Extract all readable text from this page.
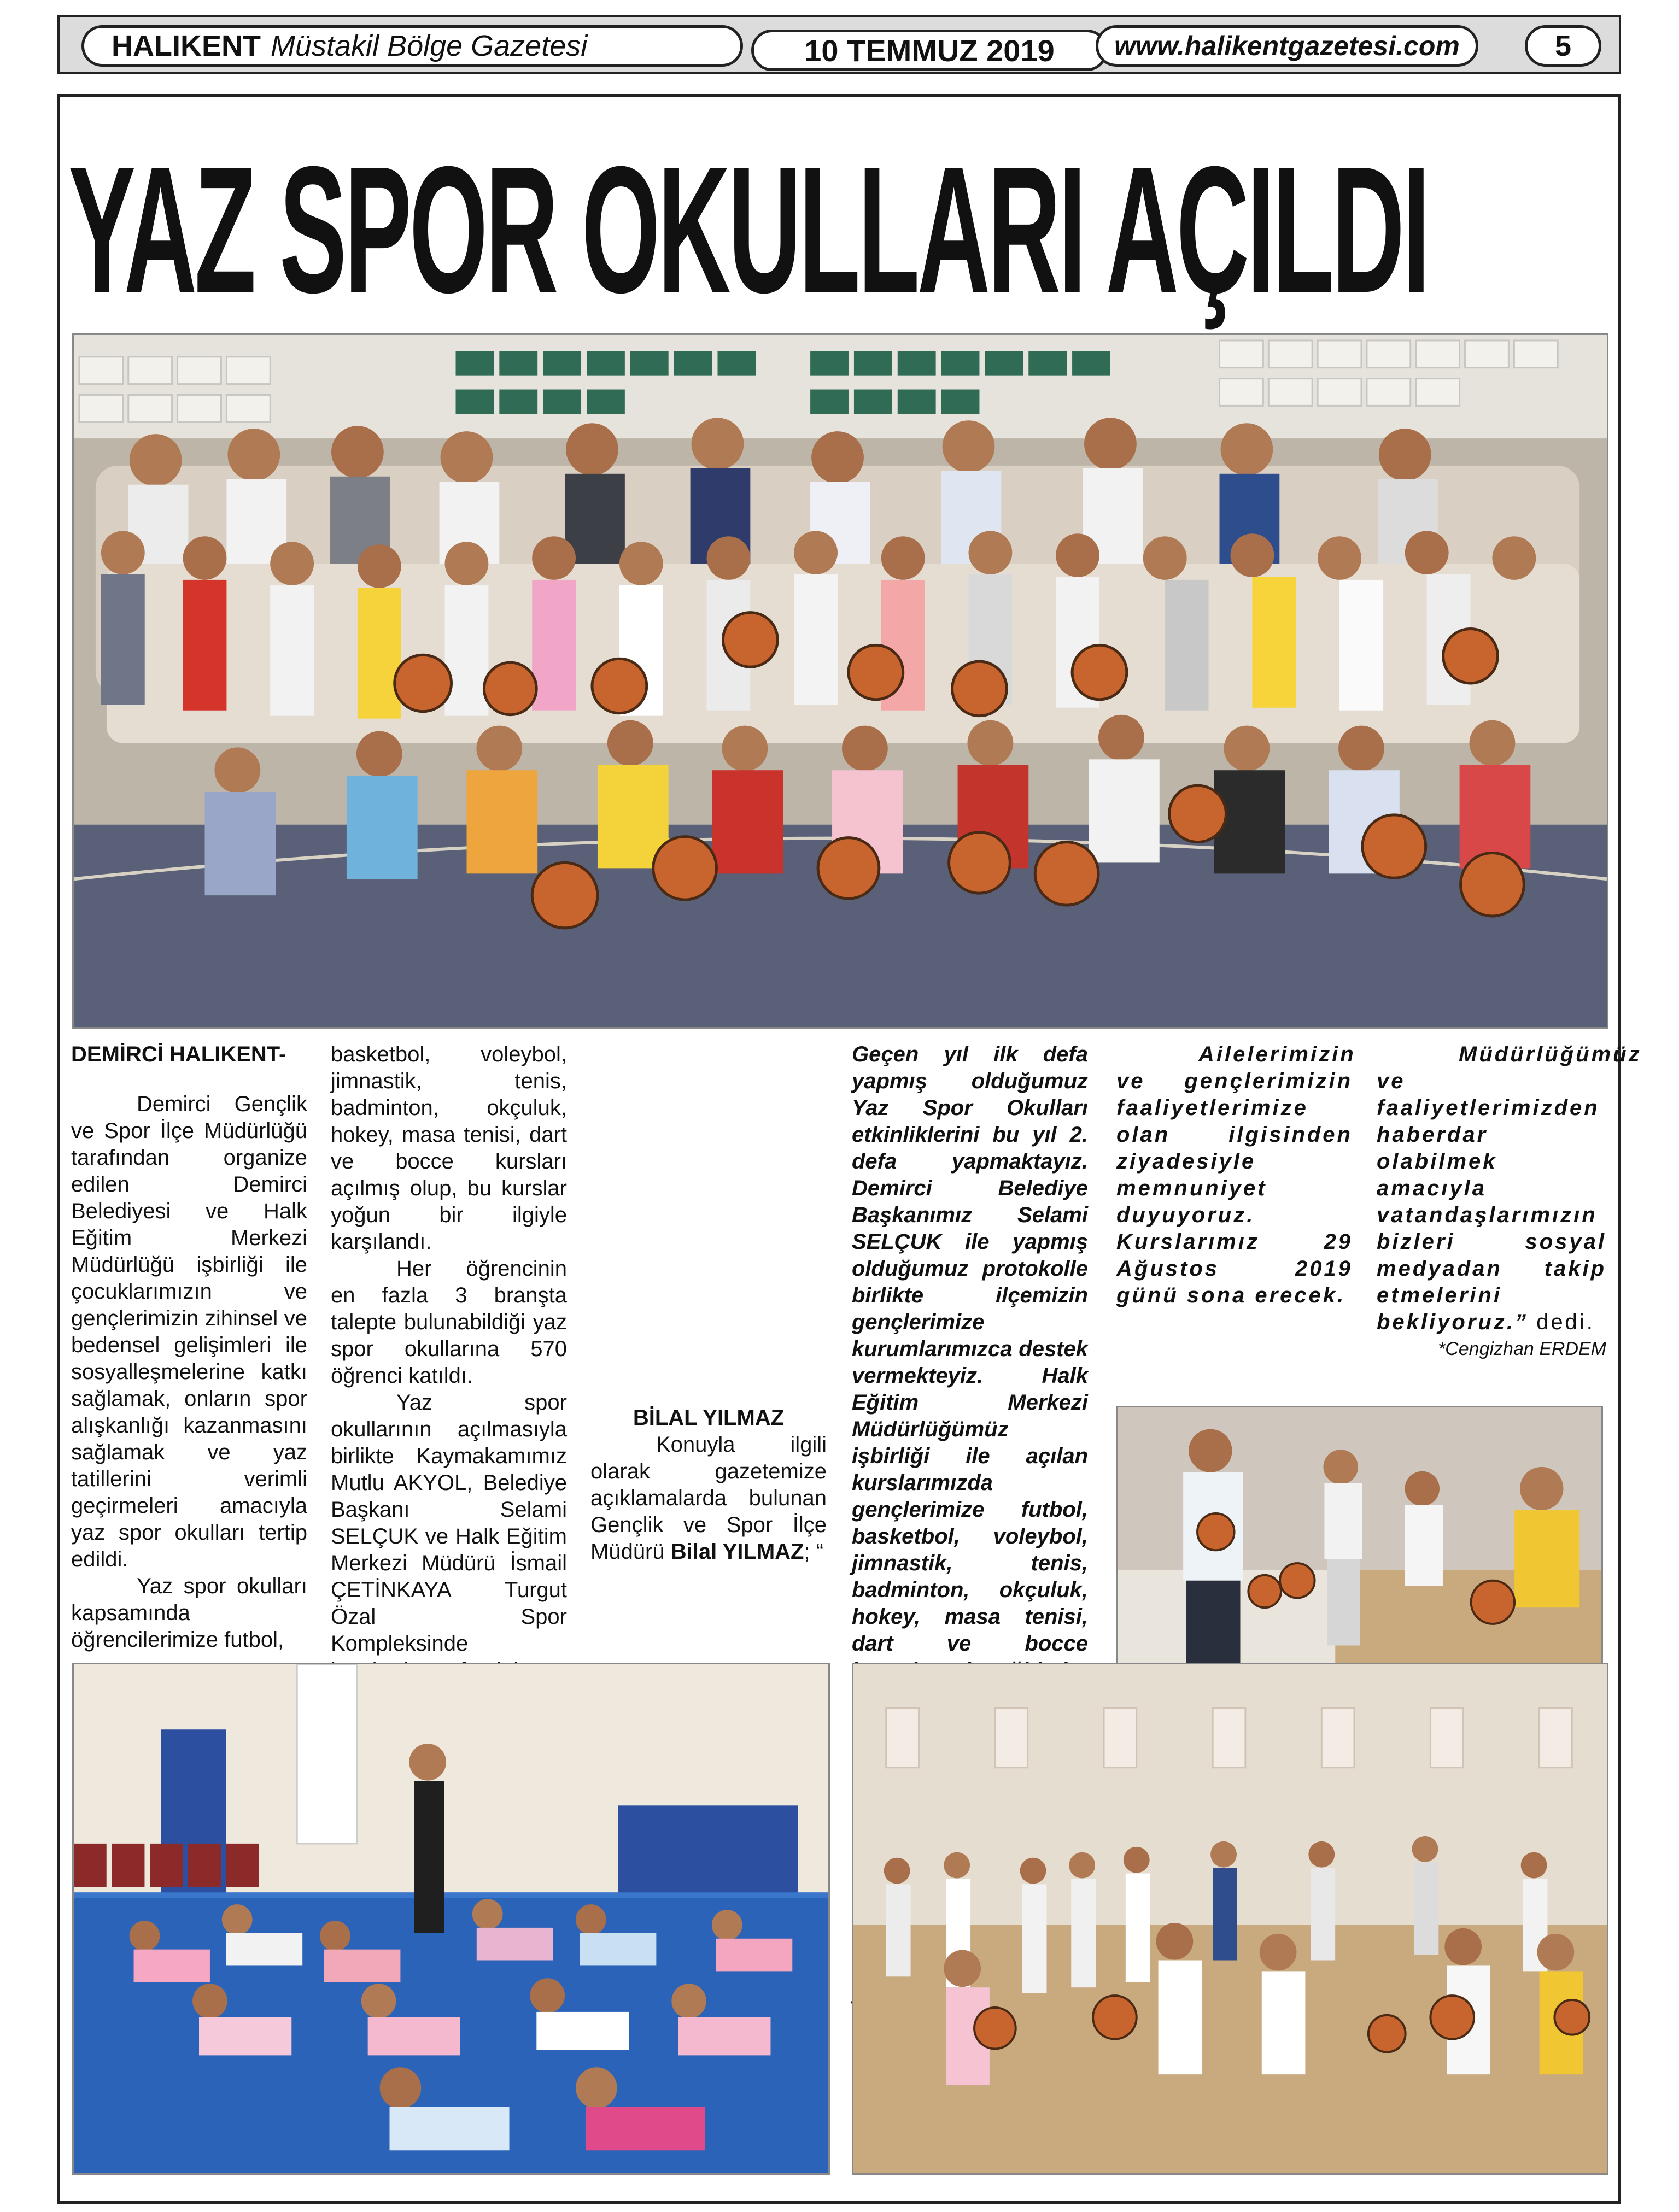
HALIKENT Müstakil Bölge Gazetesi	10 TEMMUZ 2019	www.halikentgazetesi.com	5
YAZ SPOR OKULLARI AÇILDI

DEMİRCİ HALIKENT-

Demirci Gençlik ve Spor İlçe Müdürlüğü tarafından organize edilen Demirci Belediyesi ve Halk Eğitim Merkezi Müdürlüğü işbirliği ile çocuklarımızın ve gençlerimizin zihinsel ve bedensel gelişimleri ile sosyalleşmelerine katkı sağlamak, onların spor alışkanlığı kazanmasını sağlamak ve yaz tatillerini verimli geçirmeleri amacıyla yaz spor okulları tertip edildi.

Yaz spor okulları kapsamında öğrencilerimize futbol,

basketbol, voleybol, jimnastik, tenis, badminton, okçuluk, hokey, masa tenisi, dart ve bocce kursları açılmış olup, bu kurslar yoğun bir ilgiyle karşılandı.

Her öğrencinin en fazla 3 branşta talepte bulunabildiği yaz spor okullarına 570 öğrenci katıldı.

Yaz spor okullarının açılmasıyla birlikte Kaymakamımız Mutlu AKYOL, Belediye Başkanı Selami SELÇUK ve Halk Eğitim Merkezi Müdürü İsmail ÇETİNKAYA Turgut Özal Spor Kompleksinde

BİLAL YILMAZ

Konuyla ilgili olarak gazetemize açıklamalarda bulunan Gençlik ve Spor İlçe Müdürü Bilal YILMAZ; “

Geçen yıl ilk defa yapmış olduğumuz Yaz Spor Okulları etkinliklerini bu yıl 2. defa yapmaktayız. Demirci Belediye Başkanımız Selami SELÇUK ile yapmış olduğumuz protokolle birlikte ilçemizin gençlerimize kurumlarımızca destek vermekteyiz. Halk Eğitim Merkezi Müdürlüğümüz işbirliği ile açılan kurslarımızda gençlerimize futbol, basketbol, voleybol, jimnastik, tenis, badminton, okçuluk, hokey, masa tenisi, dart ve bocce

Ailelerimizin ve gençlerimizin faaliyetlerimize olan ilgisinden ziyadesiyle memnuniyet duyuyoruz. Kurslarımız 29 Ağustos 2019 günü sona erecek.

Müdürlüğümüz ve faaliyetlerimizden haberdar olabilmek amacıyla vatandaşlarımızın bizleri sosyal medyadan takip etmelerini bekliyoruz.” dedi.

*Cengizhan ERDEM
